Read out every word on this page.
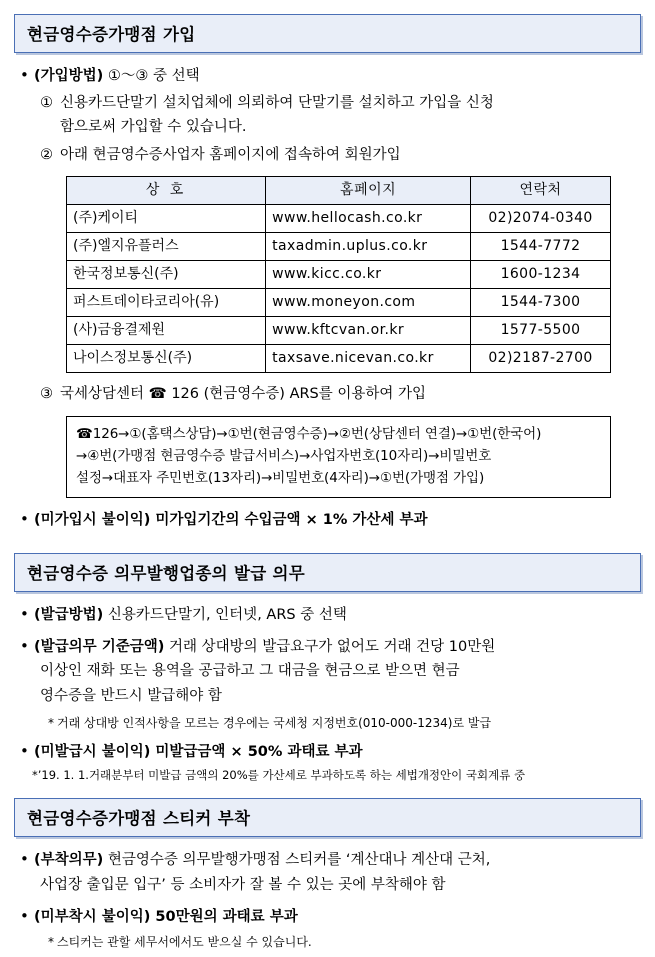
현금영수증가맹점 가입
• (가입방법) ①～③ 중 선택
① 신용카드단말기 설치업체에 의뢰하여 단말기를 설치하고 가입을 신청
함으로써 가입할 수 있습니다.
② 아래 현금영수증사업자 홈페이지에 접속하여 회원가입
상 호	홈페이지	연락처
(주)케이티	www.hellocash.co.kr	02)2074-0340
(주)엘지유플러스	taxadmin.uplus.co.kr	1544-7772
한국정보통신(주)	www.kicc.co.kr	1600-1234
퍼스트데이타코리아(유)	www.moneyon.com	1544-7300
(사)금융결제원	www.kftcvan.or.kr	1577-5500
나이스정보통신(주)	taxsave.nicevan.co.kr	02)2187-2700
③ 국세상담센터 ☎ 126 (현금영수증) ARS를 이용하여 가입
☎126→①(홈택스상담)→①번(현금영수증)→②번(상담센터 연결)→①번(한국어)
→④번(가맹점 현금영수증 발급서비스)→사업자번호(10자리)→비밀번호
설정→대표자 주민번호(13자리)→비밀번호(4자리)→①번(가맹점 가입)
• (미가입시 불이익) 미가입기간의 수입금액 × 1% 가산세 부과
현금영수증 의무발행업종의 발급 의무
• (발급방법) 신용카드단말기, 인터넷, ARS 중 선택
• (발급의무 기준금액) 거래 상대방의 발급요구가 없어도 거래 건당 10만원
이상인 재화 또는 용역을 공급하고 그 대금을 현금으로 받으면 현금
영수증을 반드시 발급해야 함
* 거래 상대방 인적사항을 모르는 경우에는 국세청 지정번호(010-000-1234)로 발급
• (미발급시 불이익) 미발급금액 × 50% 과태료 부과
*’19. 1. 1.거래분부터 미발급 금액의 20%를 가산세로 부과하도록 하는 세법개정안이 국회계류 중
현금영수증가맹점 스티커 부착
• (부착의무) 현금영수증 의무발행가맹점 스티커를 ‘계산대나 계산대 근처,
사업장 출입문 입구’ 등 소비자가 잘 볼 수 있는 곳에 부착해야 함
• (미부착시 불이익) 50만원의 과태료 부과
* 스티커는 관할 세무서에서도 받으실 수 있습니다.
